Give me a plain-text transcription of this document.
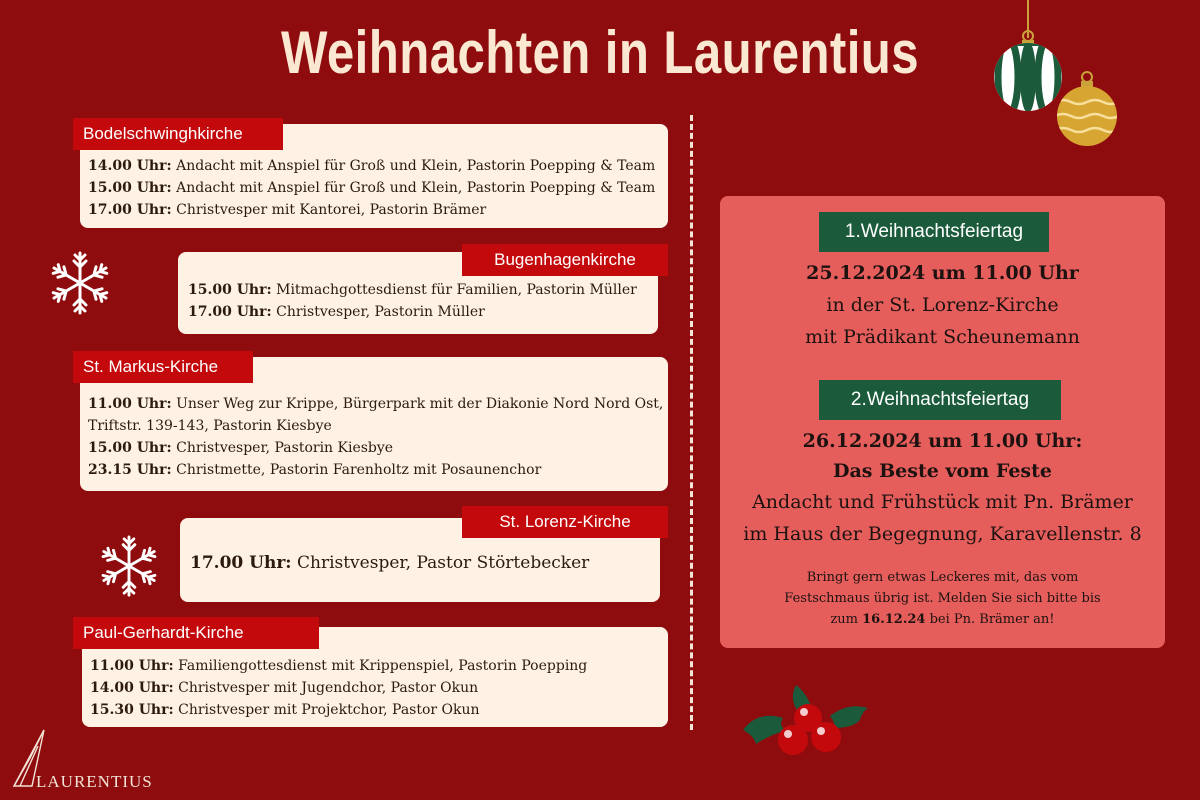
Weihnachten in Laurentius
14.00 Uhr: Andacht mit Anspiel für Groß und Klein, Pastorin Poepping & Team
15.00 Uhr: Andacht mit Anspiel für Groß und Klein, Pastorin Poepping & Team
17.00 Uhr: Christvesper mit Kantorei, Pastorin Brämer
Bodelschwinghkirche
15.00 Uhr: Mitmachgottesdienst für Familien, Pastorin Müller
17.00 Uhr: Christvesper, Pastorin Müller
Bugenhagenkirche
11.00 Uhr: Unser Weg zur Krippe, Bürgerpark mit der Diakonie Nord Nord Ost,
Triftstr. 139-143, Pastorin Kiesbye
15.00 Uhr: Christvesper, Pastorin Kiesbye
23.15 Uhr: Christmette, Pastorin Farenholtz mit Posaunenchor
St. Markus-Kirche
17.00 Uhr: Christvesper, Pastor Störtebecker
St. Lorenz-Kirche
11.00 Uhr: Familiengottesdienst mit Krippenspiel, Pastorin Poepping
14.00 Uhr: Christvesper mit Jugendchor, Pastor Okun
15.30 Uhr: Christvesper mit Projektchor, Pastor Okun
Paul-Gerhardt-Kirche
1.Weihnachtsfeiertag
25.12.2024 um 11.00 Uhr
in der St. Lorenz-Kirche
mit Prädikant Scheunemann
2.Weihnachtsfeiertag
26.12.2024 um 11.00 Uhr:
Das Beste vom Feste
Andacht und Frühstück mit Pn. Brämer
im Haus der Begegnung, Karavellenstr. 8
Bringt gern etwas Leckeres mit, das vom
Festschmaus übrig ist. Melden Sie sich bitte bis
zum 16.12.24 bei Pn. Brämer an!
LAURENTIUS
